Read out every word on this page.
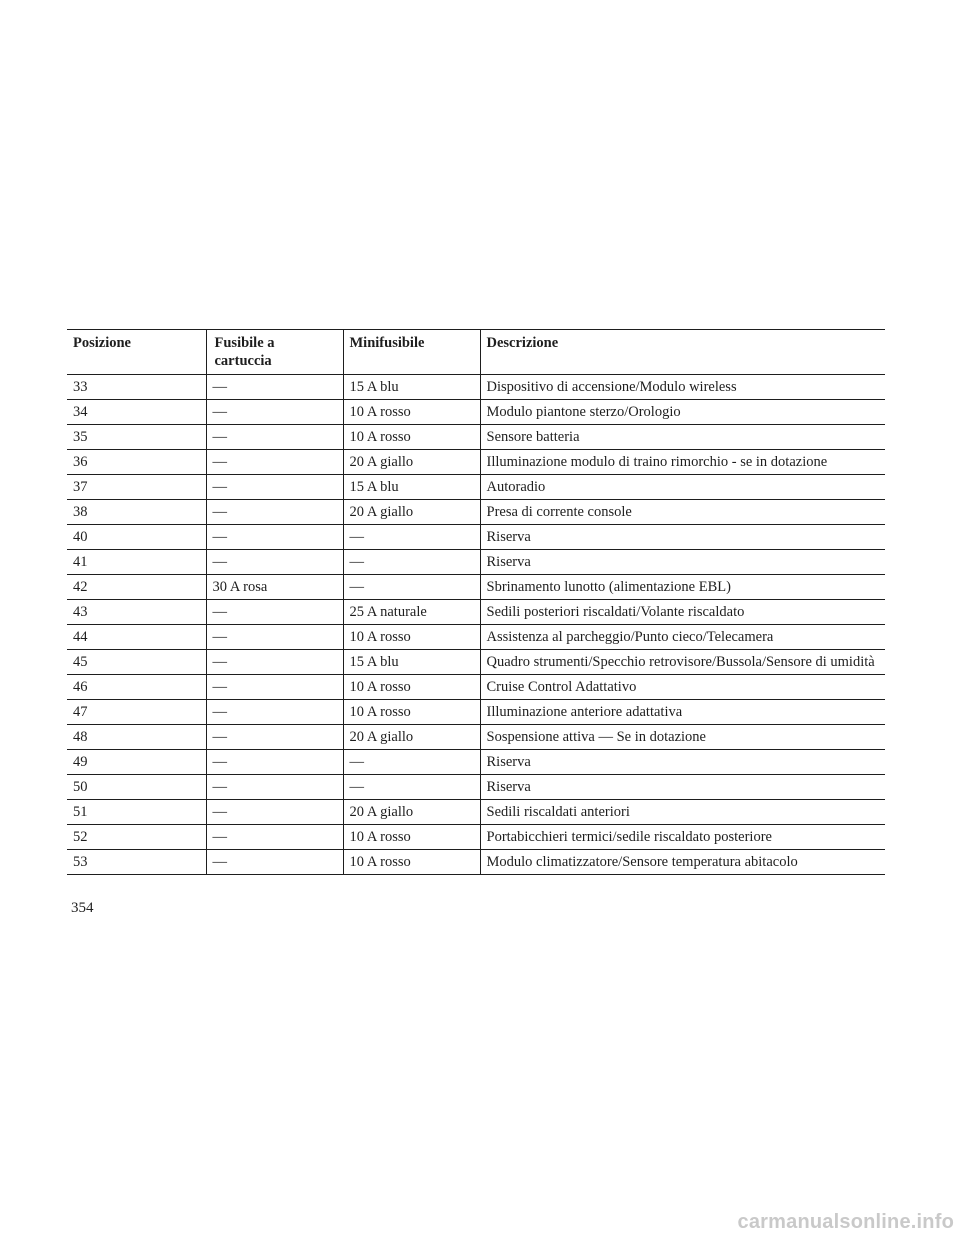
Posizione	Fusibile a cartuccia	Minifusibile	Descrizione
33	—	15 A blu	Dispositivo di accensione/Modulo wireless
34	—	10 A rosso	Modulo piantone sterzo/Orologio
35	—	10 A rosso	Sensore batteria
36	—	20 A giallo	Illuminazione modulo di traino rimorchio - se in dotazione
37	—	15 A blu	Autoradio
38	—	20 A giallo	Presa di corrente console
40	—	—	Riserva
41	—	—	Riserva
42	30 A rosa	—	Sbrinamento lunotto (alimentazione EBL)
43	—	25 A naturale	Sedili posteriori riscaldati/Volante riscaldato
44	—	10 A rosso	Assistenza al parcheggio/Punto cieco/Telecamera
45	—	15 A blu	Quadro strumenti/Specchio retrovisore/Bussola/Sensore di umidità
46	—	10 A rosso	Cruise Control Adattativo
47	—	10 A rosso	Illuminazione anteriore adattativa
48	—	20 A giallo	Sospensione attiva — Se in dotazione
49	—	—	Riserva
50	—	—	Riserva
51	—	20 A giallo	Sedili riscaldati anteriori
52	—	10 A rosso	Portabicchieri termici/sedile riscaldato posteriore
53	—	10 A rosso	Modulo climatizzatore/Sensore temperatura abitacolo
354
carmanualsonline.info
